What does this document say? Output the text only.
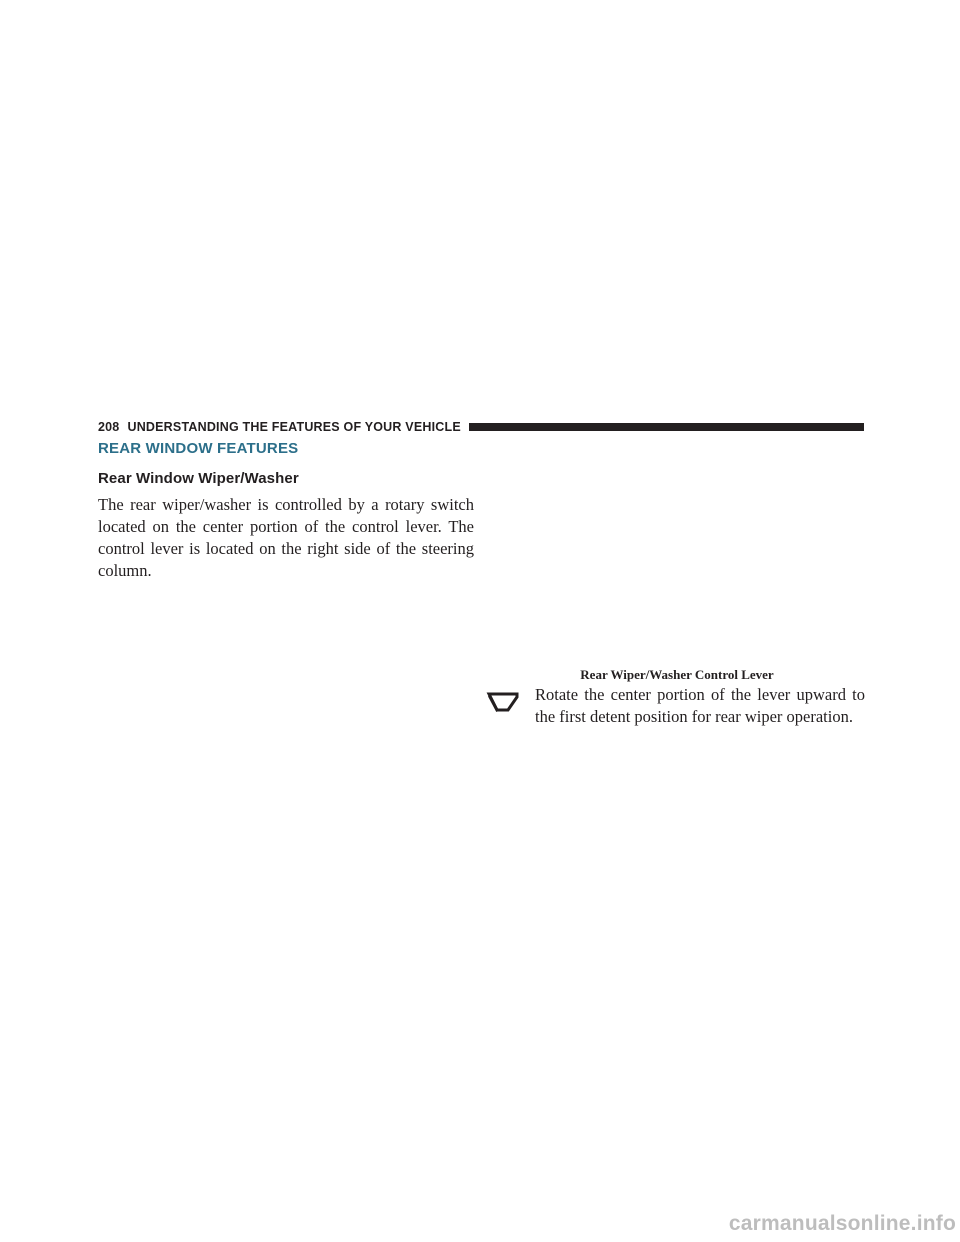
208 UNDERSTANDING THE FEATURES OF YOUR VEHICLE
REAR WINDOW FEATURES
Rear Window Wiper/Washer

The rear wiper/washer is controlled by a rotary switch located on the center portion of the control lever. The control lever is located on the right side of the steering column.

Rear Wiper/Washer Control Lever

Rotate the center portion of the lever upward to the first detent position for rear wiper operation.

carmanualsonline.info
